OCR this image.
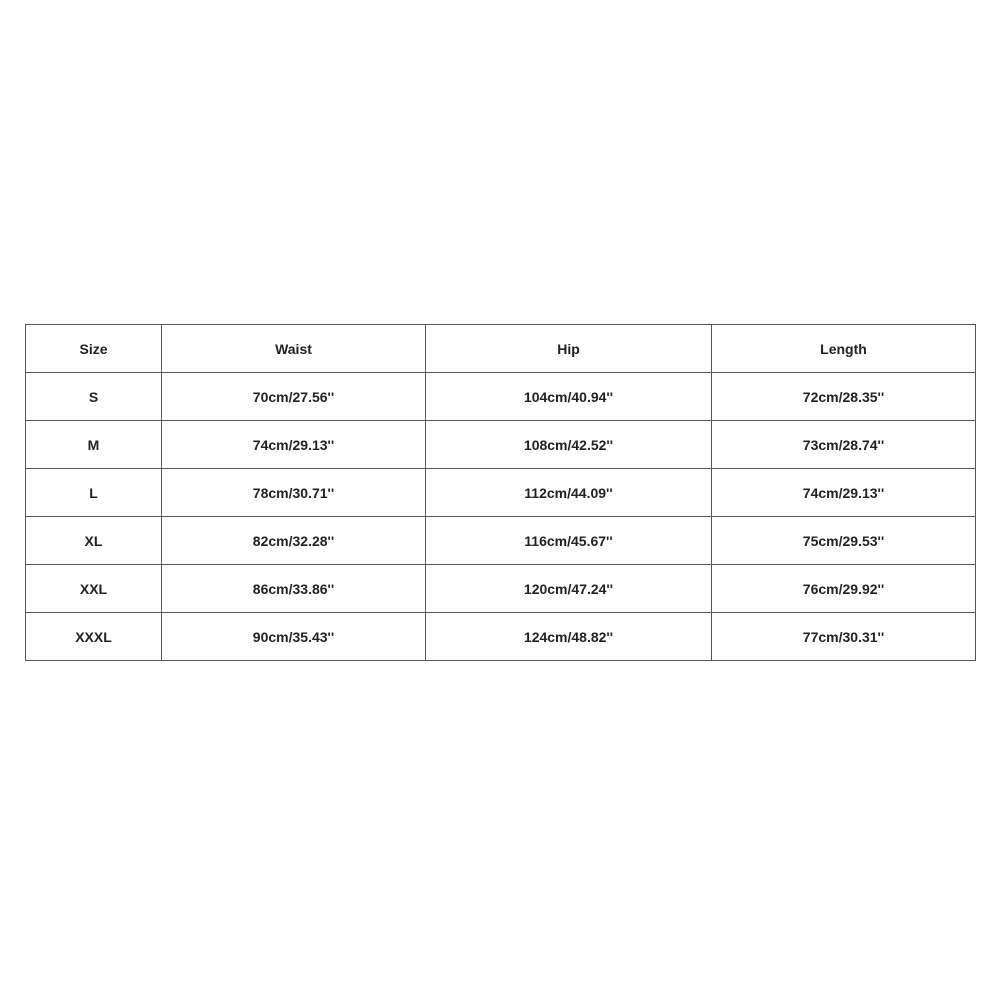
Size	Waist	Hip	Length
S	70cm/27.56''	104cm/40.94''	72cm/28.35''
M	74cm/29.13''	108cm/42.52''	73cm/28.74''
L	78cm/30.71''	112cm/44.09''	74cm/29.13''
XL	82cm/32.28''	116cm/45.67''	75cm/29.53''
XXL	86cm/33.86''	120cm/47.24''	76cm/29.92''
XXXL	90cm/35.43''	124cm/48.82''	77cm/30.31''
